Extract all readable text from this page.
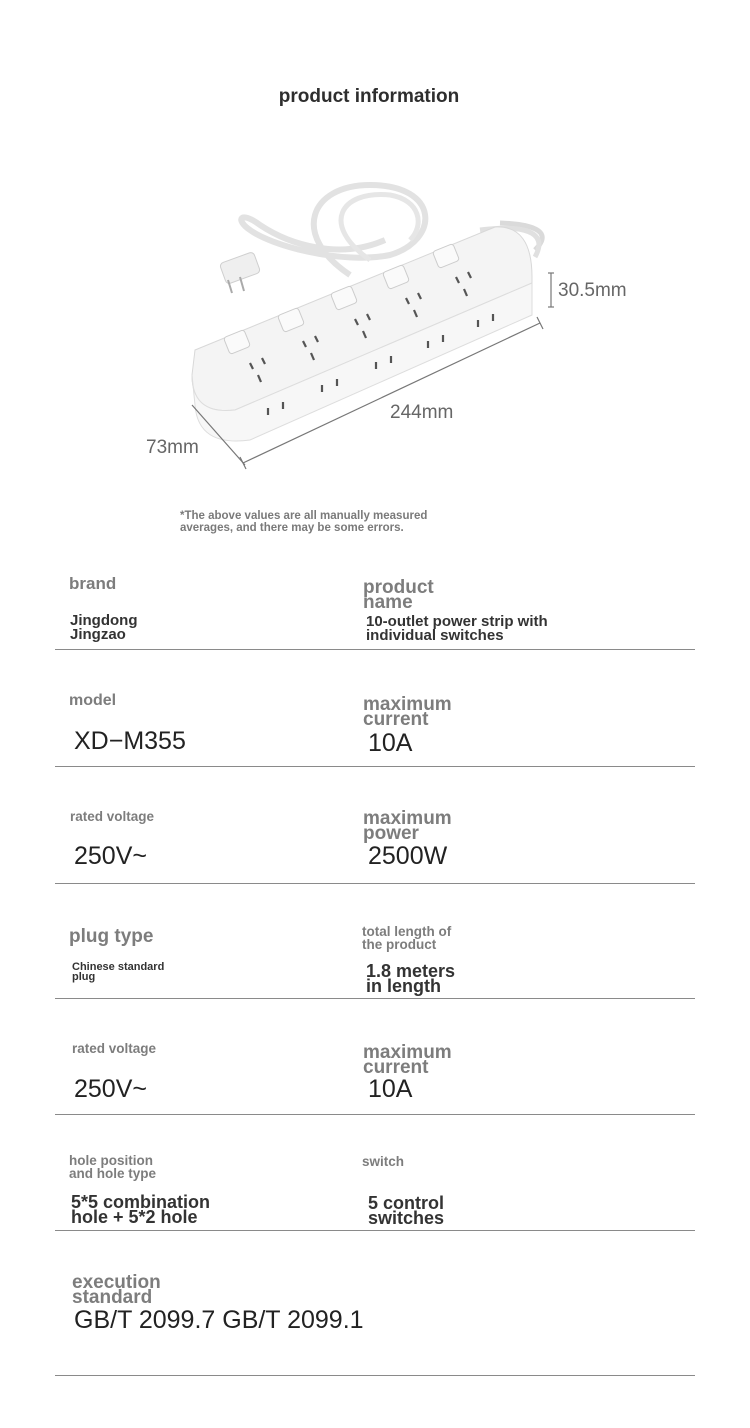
product information
30.5mm
244mm
73mm
*The above values are all manually measured
averages, and there may be some errors.
brand
Jingdong
Jingzao
product
name
10-outlet power strip with
individual switches
model
XD−M355
maximum
current
10A
rated voltage
250V~
maximum
power
2500W
plug type
Chinese standard
plug
total length of
the product
1.8 meters
in length
rated voltage
250V~
maximum
current
10A
hole position
and hole type
5*5 combination
hole + 5*2 hole
switch
5 control
switches
execution
standard
GB/T 2099.7 GB/T 2099.1
